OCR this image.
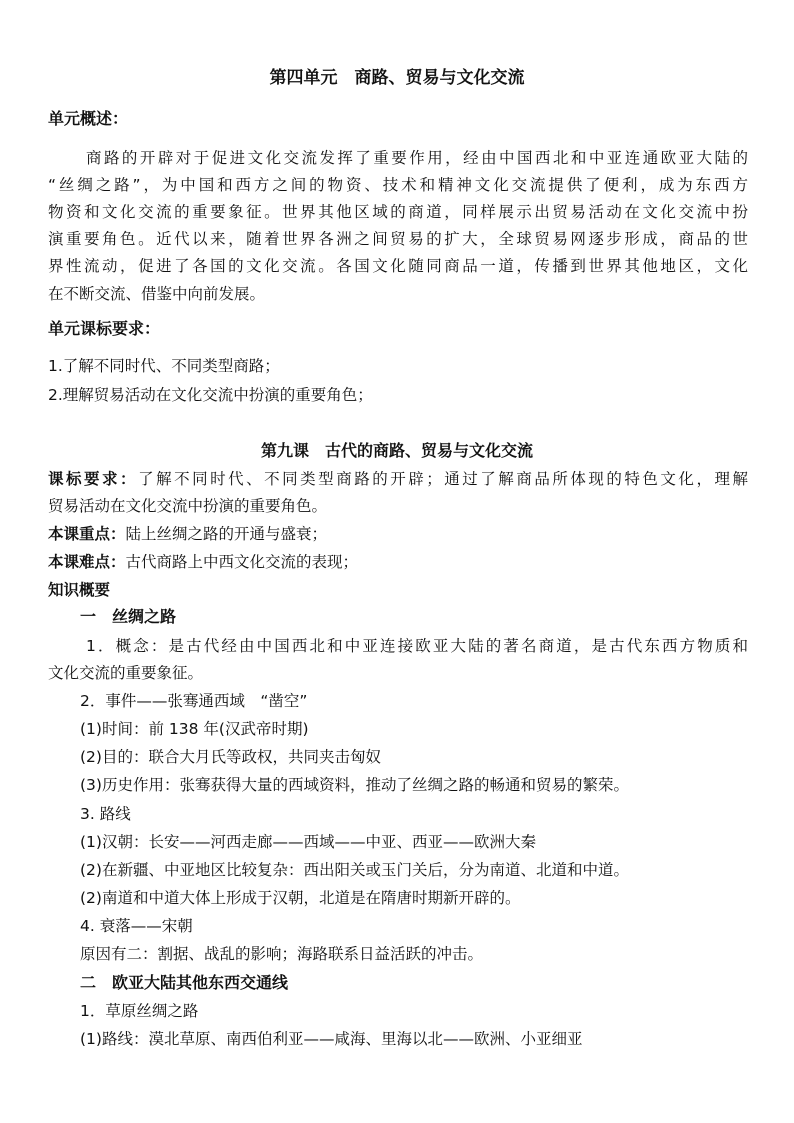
第四单元　商路、贸易与文化交流

单元概述：

商路的开辟对于促进文化交流发挥了重要作用，经由中国西北和中亚连通欧亚大陆的

“丝绸之路”，为中国和西方之间的物资、技术和精神文化交流提供了便利，成为东西方

物资和文化交流的重要象征。世界其他区域的商道，同样展示出贸易活动在文化交流中扮

演重要角色。近代以来，随着世界各洲之间贸易的扩大，全球贸易网逐步形成，商品的世

界性流动，促进了各国的文化交流。各国文化随同商品一道，传播到世界其他地区，文化

在不断交流、借鉴中向前发展。

单元课标要求：

1.了解不同时代、不同类型商路；

2.理解贸易活动在文化交流中扮演的重要角色；

第九课　古代的商路、贸易与文化交流

课标要求：了解不同时代、不同类型商路的开辟；通过了解商品所体现的特色文化，理解

贸易活动在文化交流中扮演的重要角色。

本课重点：陆上丝绸之路的开通与盛衰；

本课难点：古代商路上中西文化交流的表现；

知识概要

一　丝绸之路

1．概念：是古代经由中国西北和中亚连接欧亚大陆的著名商道，是古代东西方物质和

文化交流的重要象征。

2．事件——张骞通西域　“凿空”

(1)时间：前 138 年(汉武帝时期)

(2)目的：联合大月氏等政权，共同夹击匈奴

(3)历史作用：张骞获得大量的西域资料，推动了丝绸之路的畅通和贸易的繁荣。

3. 路线

(1)汉朝：长安——河西走廊——西域——中亚、西亚——欧洲大秦

(2)在新疆、中亚地区比较复杂：西出阳关或玉门关后，分为南道、北道和中道。

(2)南道和中道大体上形成于汉朝，北道是在隋唐时期新开辟的。

4. 衰落——宋朝

原因有二：割据、战乱的影响；海路联系日益活跃的冲击。

二　欧亚大陆其他东西交通线

1．草原丝绸之路

(1)路线：漠北草原、南西伯利亚——咸海、里海以北——欧洲、小亚细亚
